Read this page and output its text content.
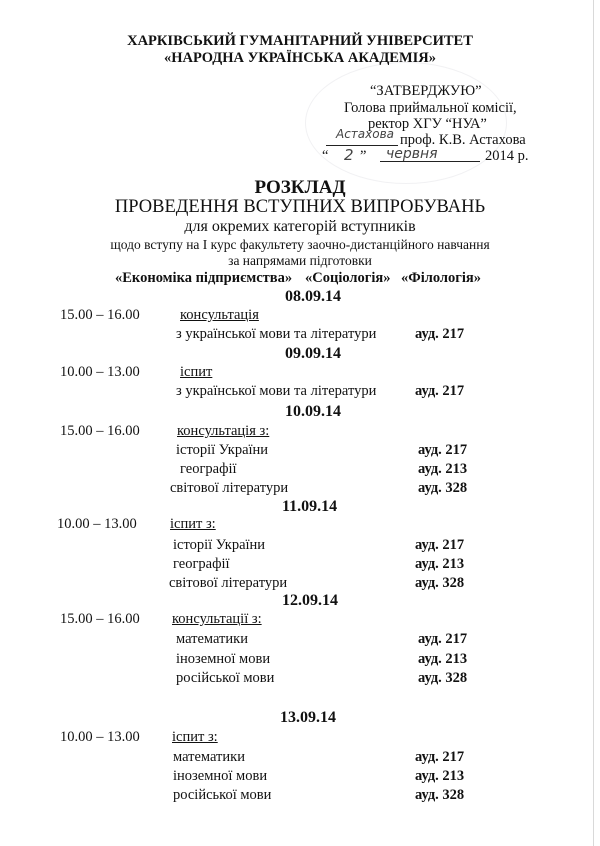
ХАРКІВСЬКИЙ ГУМАНІТАРНИЙ УНІВЕРСИТЕТ
«НАРОДНА УКРАЇНСЬКА АКАДЕМІЯ»
“ЗАТВЕРДЖУЮ”
Голова приймальної комісії,
ректор ХГУ “НУА”
Астахова проф. К.В. Астахова
“ 2 ” червня	2014 р.
РОЗКЛАД
ПРОВЕДЕННЯ ВСТУПНИХ ВИПРОБУВАНЬ
для окремих категорій вступників
щодо вступу на І курс факультету заочно-дистанційного навчання
за напрямами підготовки
«Економіка підприємства» «Соціологія» «Філологія»
08.09.14
15.00 – 16.00	консультація
з української мови та літератури	ауд. 217
09.09.14
10.00 – 13.00	іспит
з української мови та літератури	ауд. 217
10.09.14
15.00 – 16.00	консультація з:
історії України	ауд. 217
географії	ауд. 213
світової літератури	ауд. 328
11.09.14
10.00 – 13.00 іспит з:
історії України	ауд. 217
географії	ауд. 213
світової літератури	ауд. 328
12.09.14
15.00 – 16.00 консультації з:
математики	ауд. 217
іноземної мови	ауд. 213
російської мови	ауд. 328
13.09.14
10.00 – 13.00 іспит з:
математики	ауд. 217
іноземної мови	ауд. 213
російської мови	ауд. 328
